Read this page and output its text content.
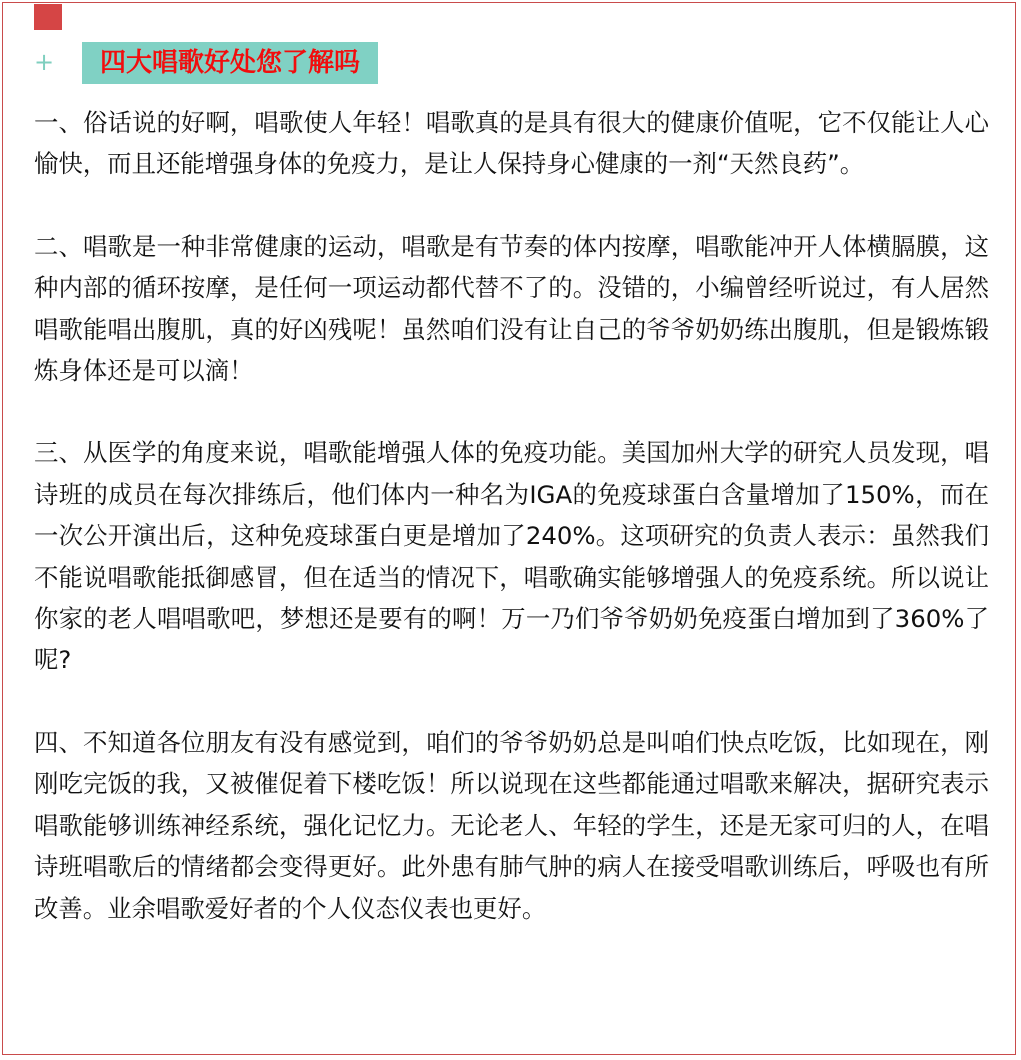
+	四大唱歌好处您了解吗

一、俗话说的好啊，唱歌使人年轻！唱歌真的是具有很大的健康价值呢，它不仅能让人心愉快，而且还能增强身体的免疫力，是让人保持身心健康的一剂“天然良药”。

二、唱歌是一种非常健康的运动，唱歌是有节奏的体内按摩，唱歌能冲开人体横膈膜，这种内部的循环按摩，是任何一项运动都代替不了的。没错的，小编曾经听说过，有人居然唱歌能唱出腹肌，真的好凶残呢！虽然咱们没有让自己的爷爷奶奶练出腹肌，但是锻炼锻炼身体还是可以滴！

三、从医学的角度来说，唱歌能增强人体的免疫功能。美国加州大学的研究人员发现，唱诗班的成员在每次排练后，他们体内一种名为IGA的免疫球蛋白含量增加了150%，而在一次公开演出后，这种免疫球蛋白更是增加了240%。这项研究的负责人表示：虽然我们不能说唱歌能抵御感冒，但在适当的情况下，唱歌确实能够增强人的免疫系统。所以说让你家的老人唱唱歌吧，梦想还是要有的啊！万一乃们爷爷奶奶免疫蛋白增加到了360%了呢?

四、不知道各位朋友有没有感觉到，咱们的爷爷奶奶总是叫咱们快点吃饭，比如现在，刚刚吃完饭的我，又被催促着下楼吃饭！所以说现在这些都能通过唱歌来解决，据研究表示唱歌能够训练神经系统，强化记忆力。无论老人、年轻的学生，还是无家可归的人，在唱诗班唱歌后的情绪都会变得更好。此外患有肺气肿的病人在接受唱歌训练后，呼吸也有所改善。业余唱歌爱好者的个人仪态仪表也更好。
